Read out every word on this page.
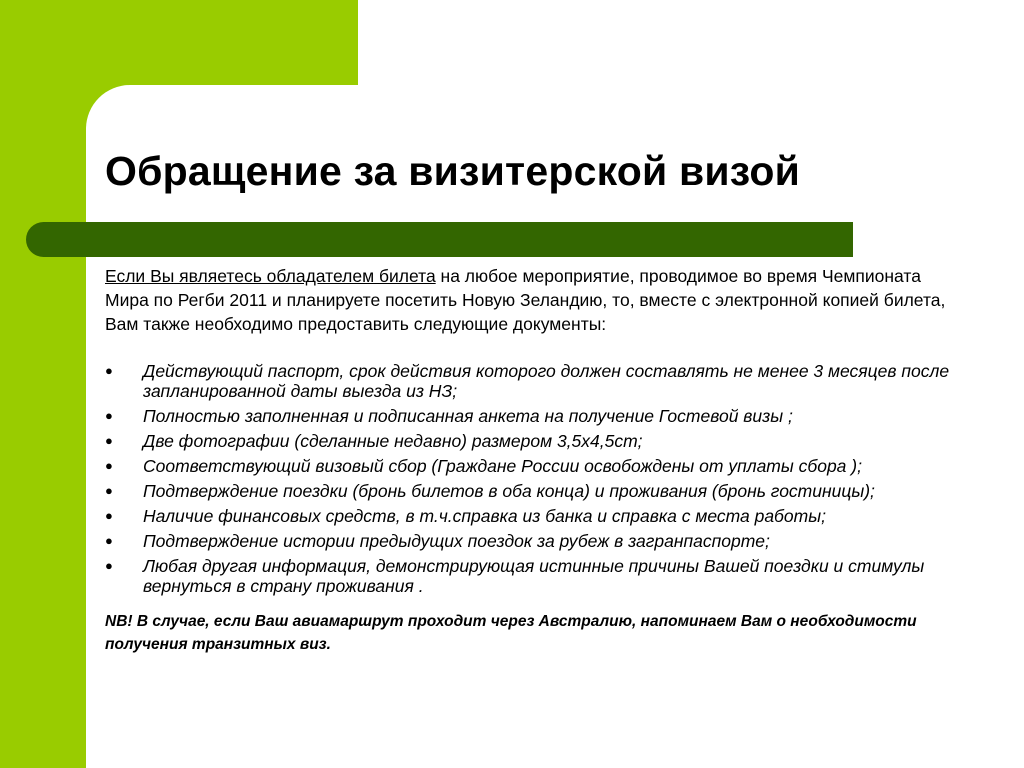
Обращение за визитерской визой

Если Вы являетесь обладателем билета на любое мероприятие, проводимое во время Чемпионата Мира по Регби 2011 и планируете посетить Новую Зеландию, то, вместе с электронной копией билета, Вам также необходимо предоставить следующие документы:

● Действующий паспорт, срок действия которого должен составлять не менее 3 месяцев после запланированной даты выезда из НЗ;
● Полностью заполненная и подписанная анкета на получение Гостевой визы ;
● Две фотографии (сделанные недавно) размером 3,5х4,5ст;
● Соответствующий визовый сбор (Граждане России освобождены от уплаты сбора );
● Подтверждение поездки (бронь билетов в оба конца) и проживания (бронь гостиницы);
● Наличие финансовых средств, в т.ч.справка из банка и справка с места работы;
● Подтверждение истории предыдущих поездок за рубеж в загранпаспорте;
● Любая другая информация, демонстрирующая истинные причины Вашей поездки и стимулы вернуться в страну проживания .

NB! В случае, если Ваш авиамаршрут проходит через Австралию, напоминаем Вам о необходимости получения транзитных виз.
